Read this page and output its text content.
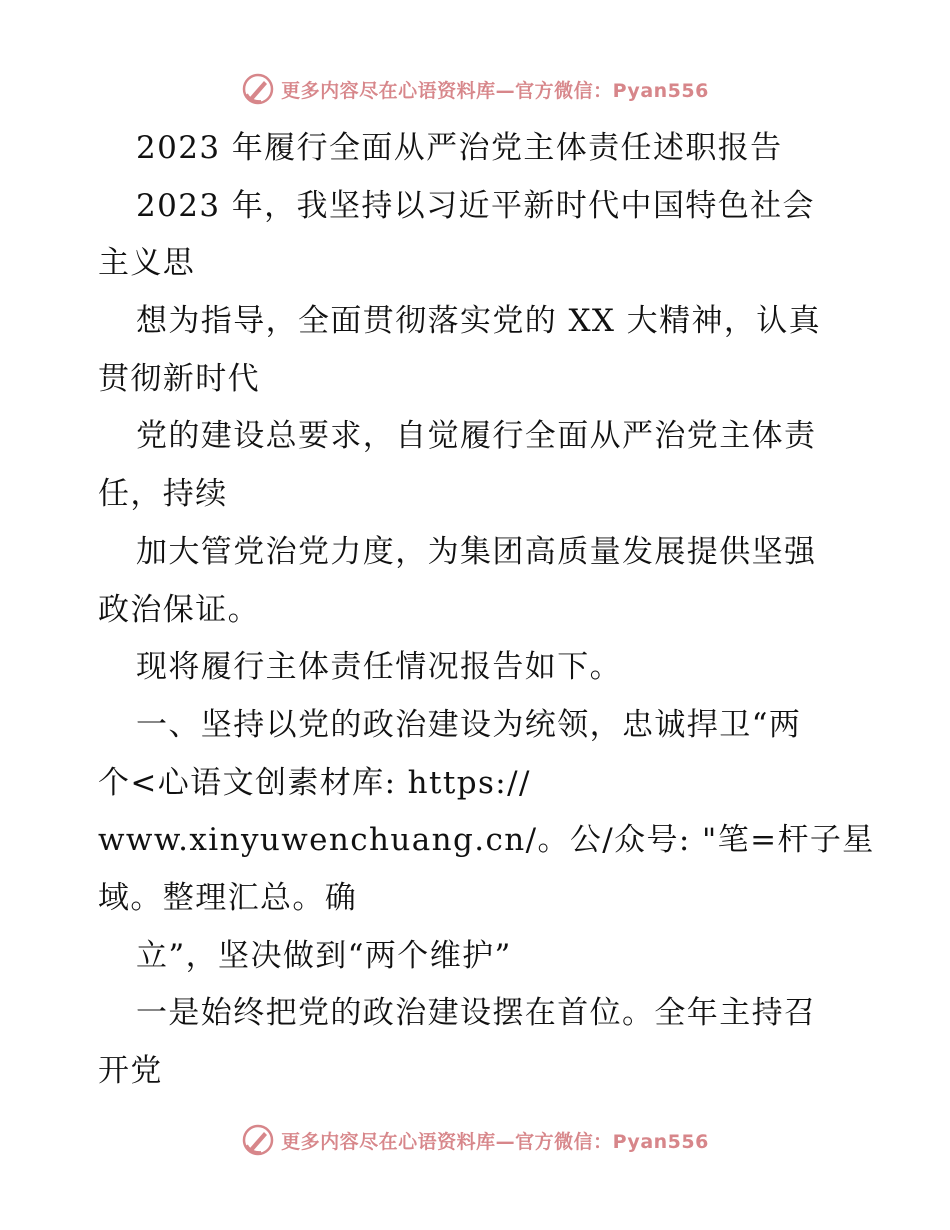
更多内容尽在心语资料库—官方微信：Pyan556
2023 年履行全面从严治党主体责任述职报告
2023 年，我坚持以习近平新时代中国特色社会
主义思
想为指导，全面贯彻落实党的 XX 大精神，认真
贯彻新时代
党的建设总要求，自觉履行全面从严治党主体责
任，持续
加大管党治党力度，为集团高质量发展提供坚强
政治保证。
现将履行主体责任情况报告如下。
一、坚持以党的政治建设为统领，忠诚捍卫“两
个<心语文创素材库: https://
www.xinyuwenchuang.cn/。公/众号: "笔=杆子星
域。整理汇总。确
立”，坚决做到“两个维护”
一是始终把党的政治建设摆在首位。全年主持召
开党
更多内容尽在心语资料库—官方微信：Pyan556
